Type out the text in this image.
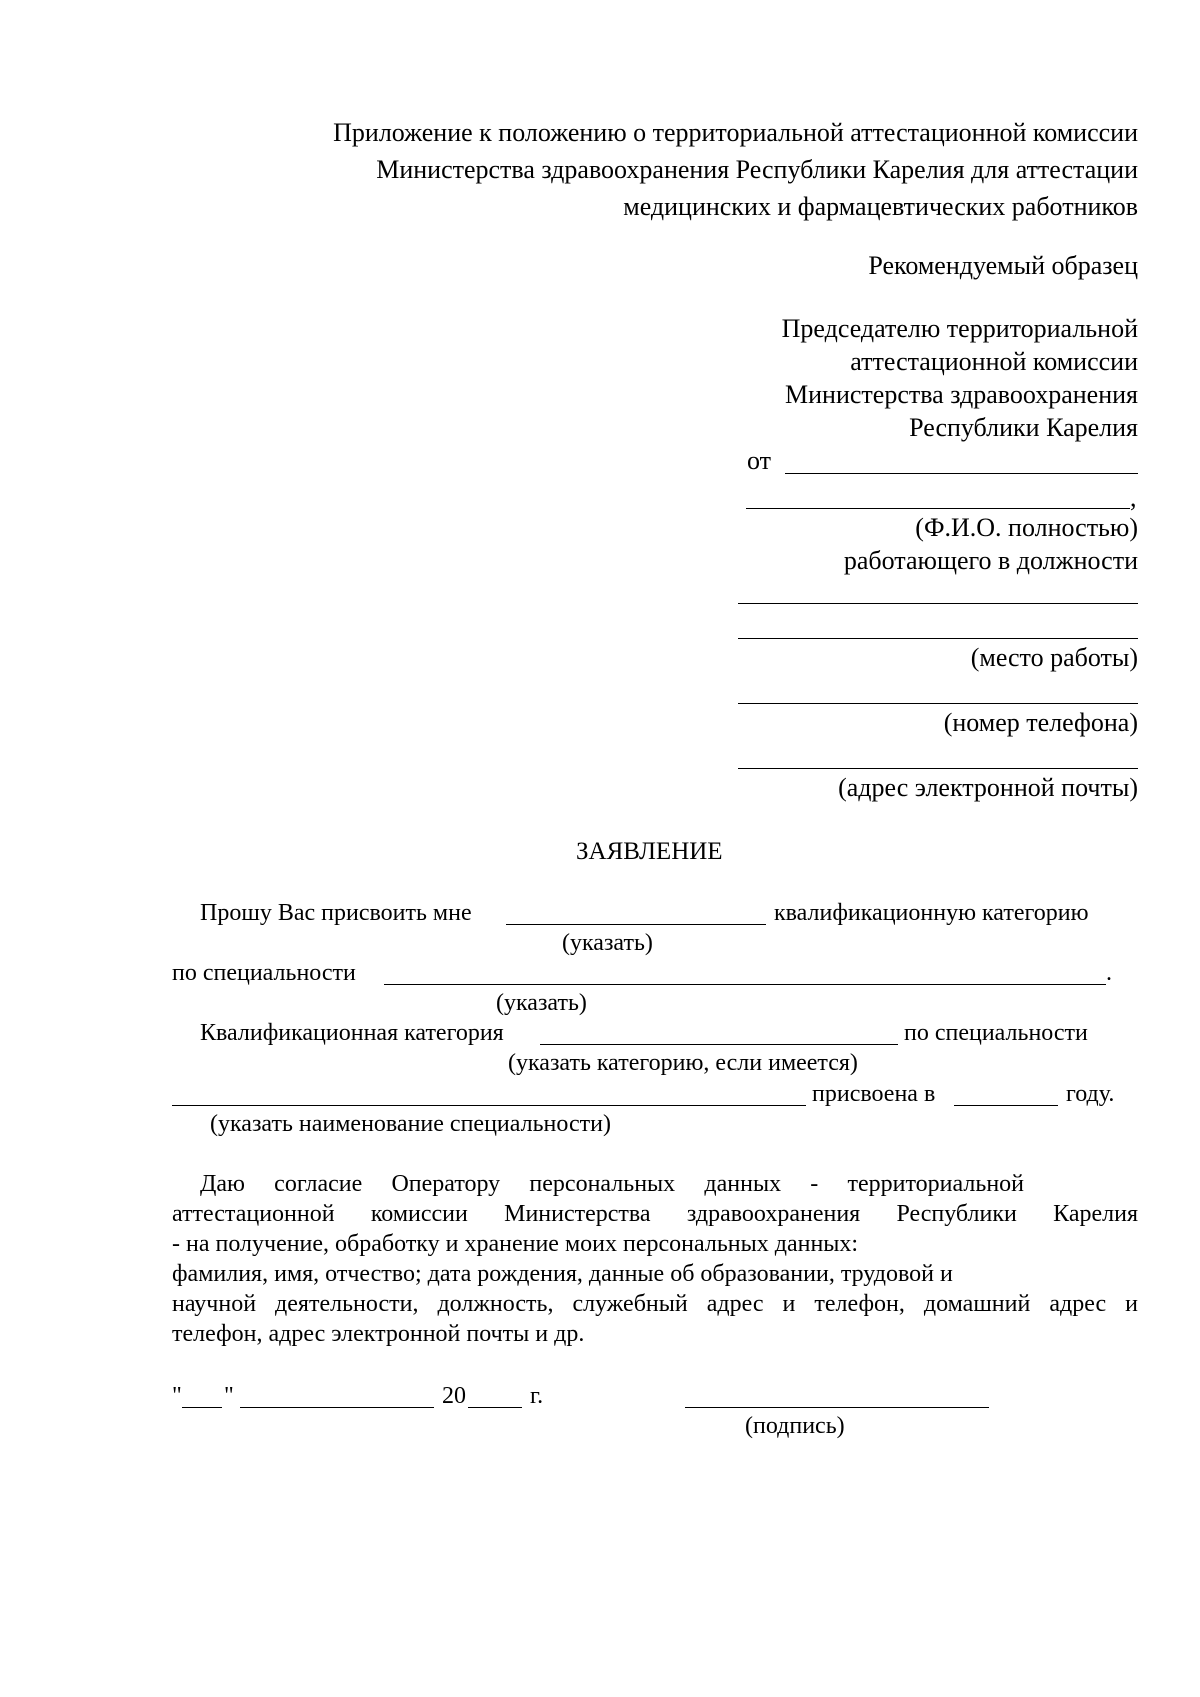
Приложение к положению о территориальной аттестационной комиссии
Министерства здравоохранения Республики Карелия для аттестации
медицинских и фармацевтических работников
Рекомендуемый образец
Председателю территориальной
аттестационной комиссии
Министерства здравоохранения
Республики Карелия
от
,
(Ф.И.О. полностью)
работающего в должности
(место работы)
(номер телефона)
(адрес электронной почты)
ЗАЯВЛЕНИЕ
Прошу Вас присвоить мне	квалификационную категорию
(указать)
по специальности	.
(указать)
Квалификационная категория	по специальности
(указать категорию, если имеется)
присвоена в	году.
(указать наименование специальности)
Даю согласие Оператору персональных данных - территориальной
аттестационной комиссии Министерства здравоохранения Республики Карелия
- на получение, обработку и хранение моих персональных данных:
фамилия, имя, отчество; дата рождения, данные об образовании, трудовой и
научной деятельности, должность, служебный адрес и телефон, домашний адрес и
телефон, адрес электронной почты и др.
" "	20	г.
(подпись)
